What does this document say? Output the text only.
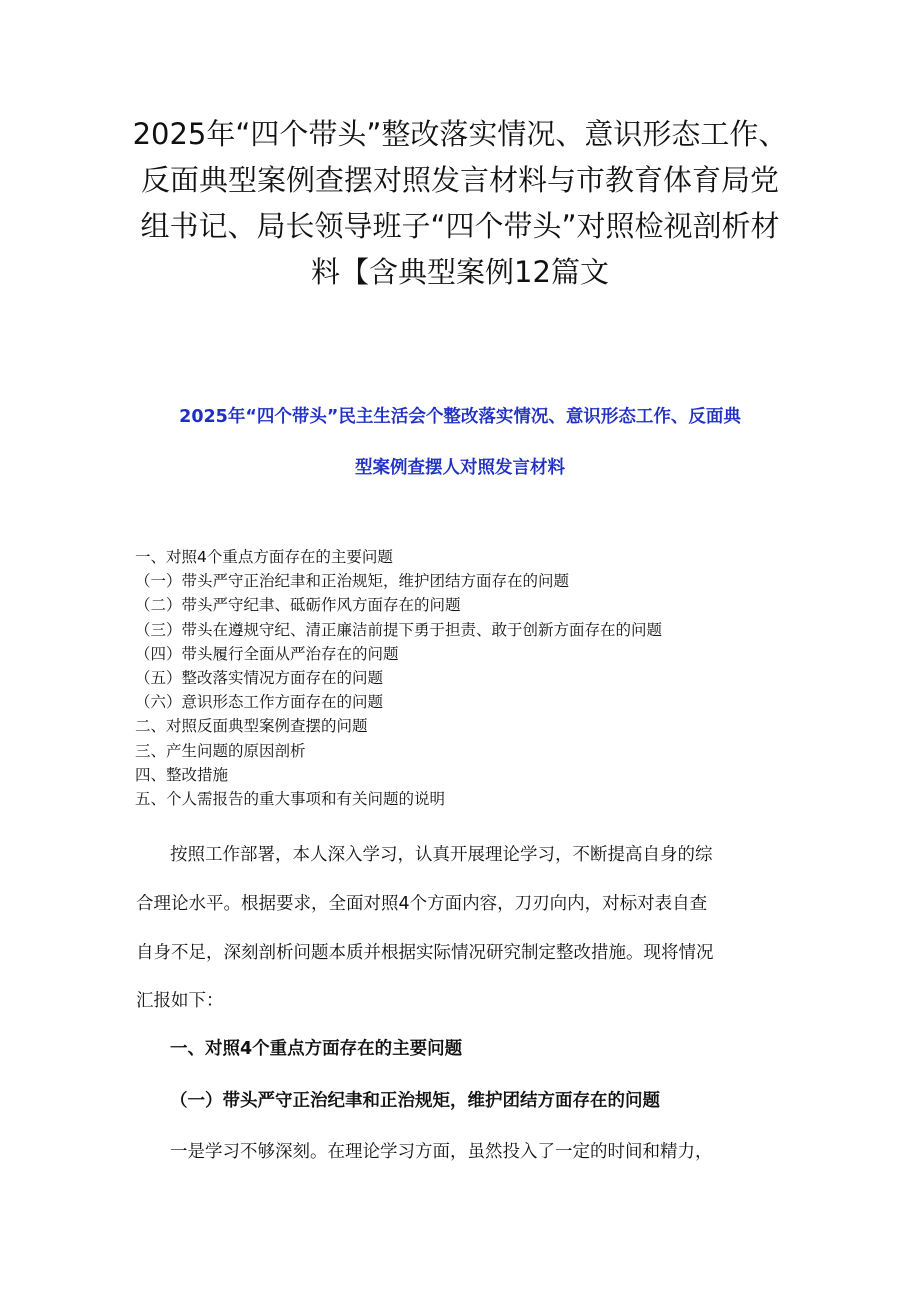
2025年“四个带头”整改落实情况、意识形态工作、
反面典型案例查摆对照发言材料与市教育体育局党
组书记、局长领导班子“四个带头”对照检视剖析材
料【含典型案例12篇文
2025年“四个带头”民主生活会个整改落实情况、意识形态工作、反面典
型案例查摆人对照发言材料
一、对照4个重点方面存在的主要问题
（一）带头严守正治纪聿和正治规矩，维护团结方面存在的问题
（二）带头严守纪聿、砥砺作风方面存在的问题
（三）带头在遵规守纪、清正廉洁前提下勇于担责、敢于创新方面存在的问题
（四）带头履行全面从严治存在的问题
（五）整改落实情况方面存在的问题
（六）意识形态工作方面存在的问题
二、对照反面典型案例查摆的问题
三、产生问题的原因剖析
四、整改措施
五、个人需报告的重大事项和有关问题的说明
按照工作部署，本人深入学习，认真开展理论学习，不断提高自身的综
合理论水平。根据要求，全面对照4个方面内容，刀刃向内，对标对表自查
自身不足，深刻剖析问题本质并根据实际情况研究制定整改措施。现将情况
汇报如下：
一、对照4个重点方面存在的主要问题
（一）带头严守正治纪聿和正治规矩，维护团结方面存在的问题
一是学习不够深刻。在理论学习方面，虽然投入了一定的时间和精力，
